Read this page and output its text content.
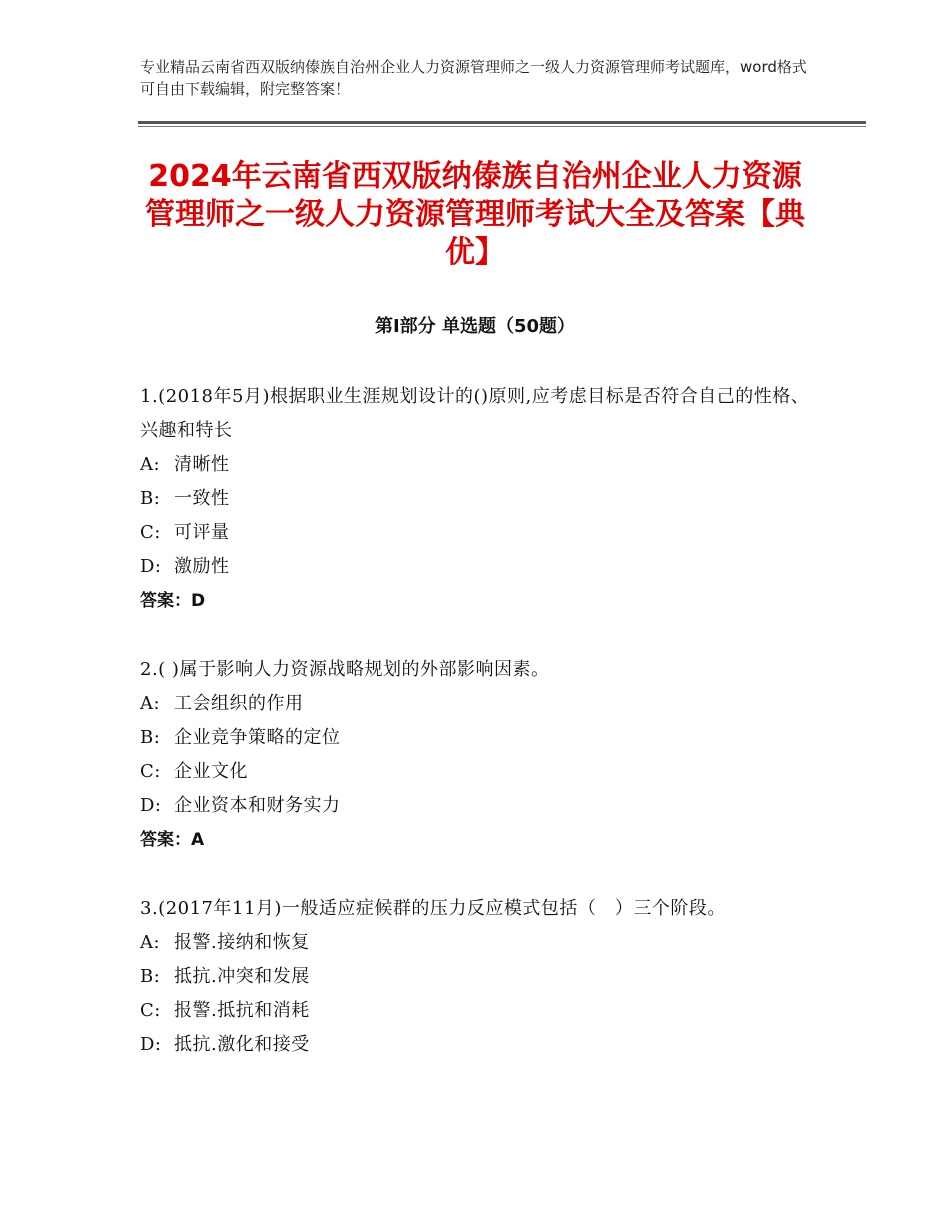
专业精品云南省西双版纳傣族自治州企业人力资源管理师之一级人力资源管理师考试题库，word格式可自由下载编辑，附完整答案！
2024年云南省西双版纳傣族自治州企业人力资源管理师之一级人力资源管理师考试大全及答案【典优】
第Ⅰ部分 单选题（50题）
1.(2018年5月)根据职业生涯规划设计的()原则,应考虑目标是否符合自己的性格、兴趣和特长
A: 清晰性
B: 一致性
C: 可评量
D: 激励性
答案：D
2.( )属于影响人力资源战略规划的外部影响因素。
A: 工会组织的作用
B: 企业竞争策略的定位
C: 企业文化
D: 企业资本和财务实力
答案：A
3.(2017年11月)一般适应症候群的压力反应模式包括（　）三个阶段。
A: 报警.接纳和恢复
B: 抵抗.冲突和发展
C: 报警.抵抗和消耗
D: 抵抗.激化和接受
